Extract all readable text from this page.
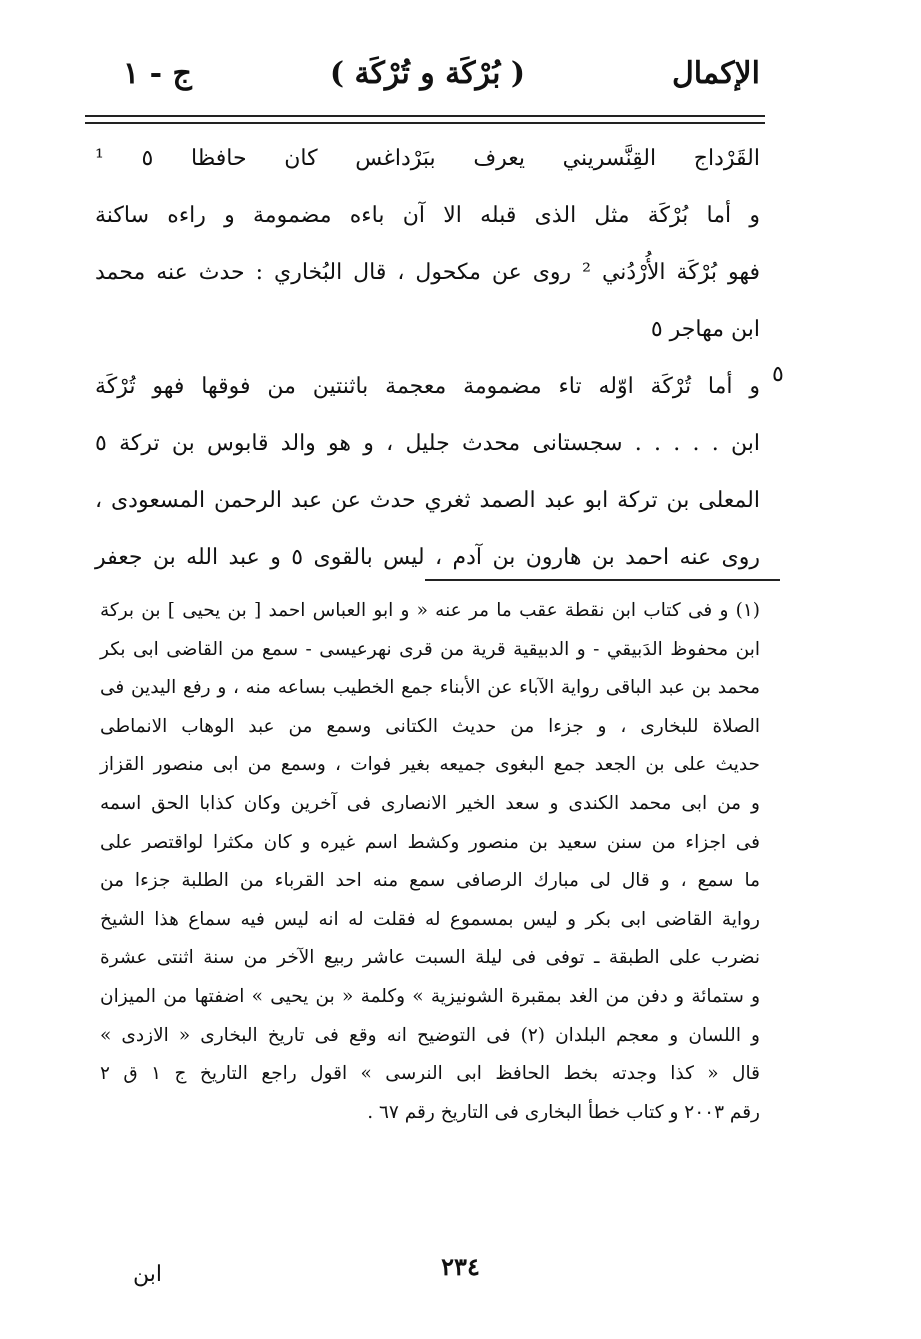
الإكمال
( بُرْكَة و تُرْكَة )
ج - ١
القَرْداج القِنَّسريني يعرف ببَرْداغس كان حافظا ٥ ¹
و أما بُرْكَة مثل الذى قبله الا آن باءه مضمومة و راءه ساكنة
فهو بُرْكَة الأُرْدُني ² روى عن مكحول ، قال البُخاري : حدث عنه محمد
ابن مهاجر ٥
و أما تُرْكَة اوّله تاء مضمومة معجمة باثنتين من فوقها فهو تُرْكَة
ابن . . . . . سجستانى محدث جليل ، و هو والد قابوس بن تركة ٥
المعلى بن تركة ابو عبد الصمد ثغري حدث عن عبد الرحمن المسعودى ،
روى عنه احمد بن هارون بن آدم ، ليس بالقوى ٥ و عبد الله بن جعفر
٥
(١) و فى كتاب ابن نقطة عقب ما مر عنه « و ابو العباس احمد [ بن يحيى ] بن بركة
ابن محفوظ الدَبيقي - و الدبيقية قرية من قرى نهرعيسى - سمع من القاضى ابى بكر
محمد بن عبد الباقى رواية الآباء عن الأبناء جمع الخطيب بساعه منه ، و رفع اليدين فى
الصلاة للبخارى ، و جزءا من حديث الكتانى وسمع من عبد الوهاب الانماطى
حديث على بن الجعد جمع البغوى جميعه بغير فوات ، وسمع من ابى منصور القزاز
و من ابى محمد الكندى و سعد الخير الانصارى فى آخرين وكان كذابا الحق اسمه
فى اجزاء من سنن سعيد بن منصور وكشط اسم غيره و كان مكثرا لواقتصر على
ما سمع ، و قال لى مبارك الرصافى سمع منه احد القرباء من الطلبة جزءا من
رواية القاضى ابى بكر و ليس بمسموع له فقلت له انه ليس فيه سماع هذا الشيخ
نضرب على الطبقة ـ توفى فى ليلة السبت عاشر ربيع الآخر من سنة اثنتى عشرة
و ستمائة و دفن من الغد بمقبرة الشونيزية » وكلمة « بن يحيى » اضفتها من الميزان
و اللسان و معجم البلدان (٢) فى التوضيح انه وقع فى تاريخ البخارى « الازدى »
قال « كذا وجدته بخط الحافظ ابى النرسى » اقول راجع التاريخ ج ١ ق ٢
رقم ٢٠٠٣ و كتاب خطأ البخارى فى التاريخ رقم ٦٧ .
٢٣٤
ابن
